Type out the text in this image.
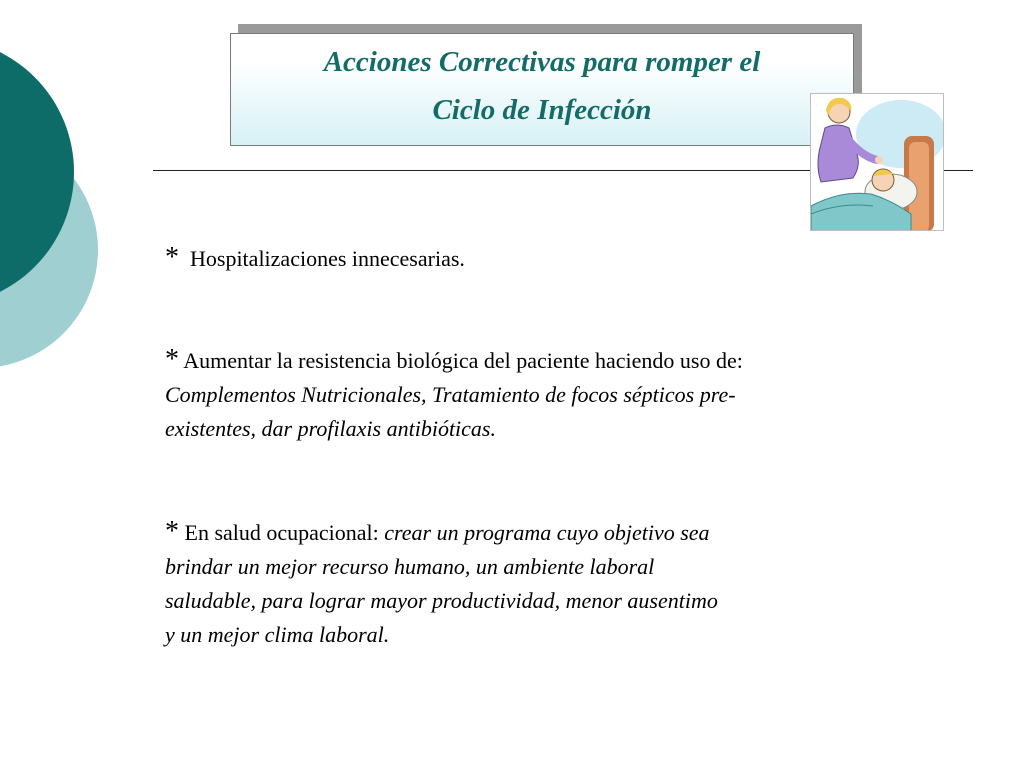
Acciones Correctivas para romper el
Ciclo de Infección
* Hospitalizaciones innecesarias.
* Aumentar la resistencia biológica del paciente haciendo uso de:
Complementos Nutricionales, Tratamiento de focos sépticos pre-
existentes, dar profilaxis antibióticas.
* En salud ocupacional: crear un programa cuyo objetivo sea
brindar un mejor recurso humano, un ambiente laboral
saludable, para lograr mayor productividad, menor ausentimo
y un mejor clima laboral.
